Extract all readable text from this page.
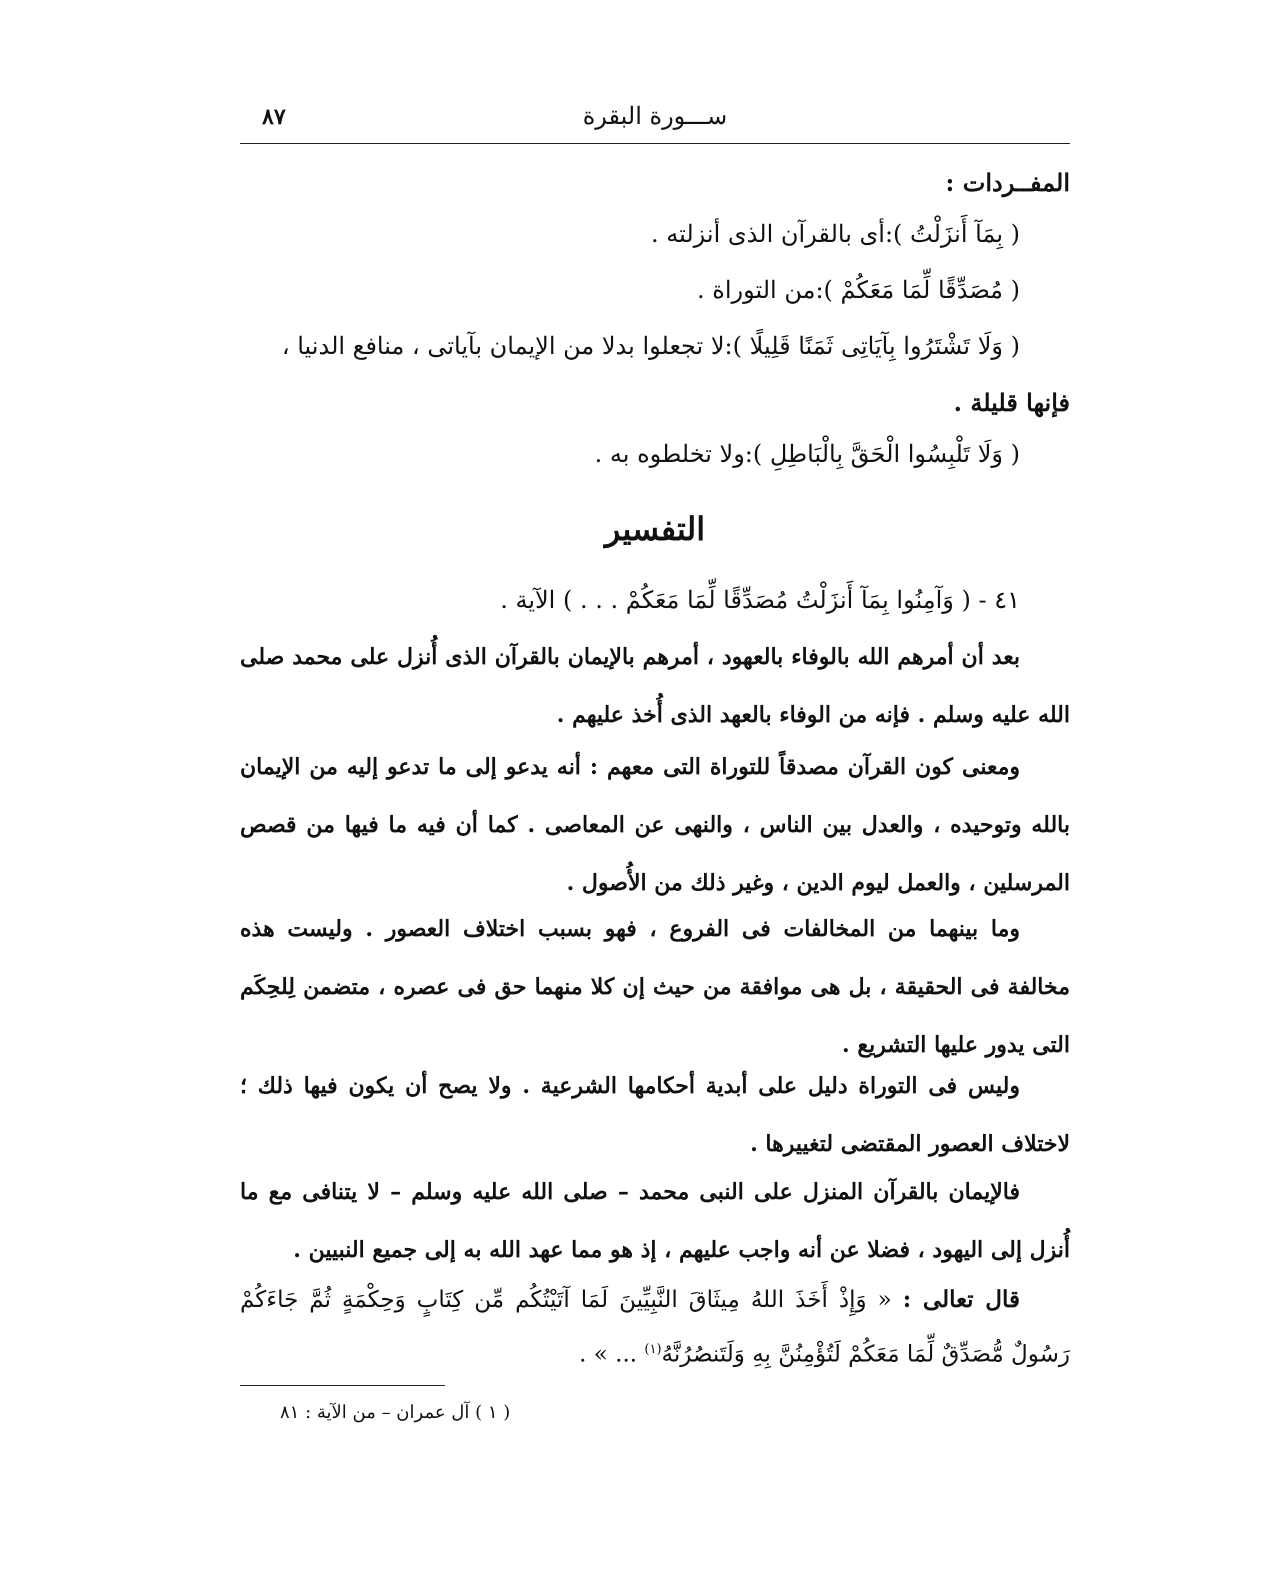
ســـورة البقرة
٨٧
المفــردات :
( بِمَآ أَنزَلْتُ ):أى بالقرآن الذى أنزلته .
( مُصَدِّقًا لِّمَا مَعَكُمْ ):من التوراة .
( وَلَا تَشْتَرُوا بِآيَاتِى ثَمَنًا قَلِيلًا ):لا تجعلوا بدلا من الإيمان بآياتى ، منافع الدنيا ،
فإنها قليلة .
( وَلَا تَلْبِسُوا الْحَقَّ بِالْبَاطِلِ ):ولا تخلطوه به .
التفسير
٤١ - ( وَآمِنُوا بِمَآ أَنزَلْتُ مُصَدِّقًا لِّمَا مَعَكُمْ . . . ) الآية .
بعد أن أمرهم الله بالوفاء بالعهود ، أمرهم بالإيمان بالقرآن الذى أُنزل على محمد صلى الله عليه وسلم . فإنه من الوفاء بالعهد الذى أُخذ عليهم .
ومعنى كون القرآن مصدقاً للتوراة التى معهم : أنه يدعو إلى ما تدعو إليه من الإيمان بالله وتوحيده ، والعدل بين الناس ، والنهى عن المعاصى . كما أن فيه ما فيها من قصص المرسلين ، والعمل ليوم الدين ، وغير ذلك من الأُصول .
وما بينهما من المخالفات فى الفروع ، فهو بسبب اختلاف العصور . وليست هذه مخالفة فى الحقيقة ، بل هى موافقة من حيث إن كلا منهما حق فى عصره ، متضمن لِلحِكَم التى يدور عليها التشريع .
وليس فى التوراة دليل على أبدية أحكامها الشرعية . ولا يصح أن يكون فيها ذلك ؛ لاختلاف العصور المقتضى لتغييرها .
فالإيمان بالقرآن المنزل على النبى محمد – صلى الله عليه وسلم – لا يتنافى مع ما أُنزل إلى اليهود ، فضلا عن أنه واجب عليهم ، إذ هو مما عهد الله به إلى جميع النبيين .
قال تعالى : « وَإِذْ أَخَذَ اللهُ مِيثَاقَ النَّبِيِّينَ لَمَا آتَيْتُكُم مِّن كِتَابٍ وَحِكْمَةٍ ثُمَّ جَاءَكُمْ رَسُولٌ مُّصَدِّقٌ لِّمَا مَعَكُمْ لَتُؤْمِنُنَّ بِهِ وَلَتَنصُرُنَّهُ$^{(١)}$ ... » .
( ١ ) آل عمران – من الآية : ٨١
